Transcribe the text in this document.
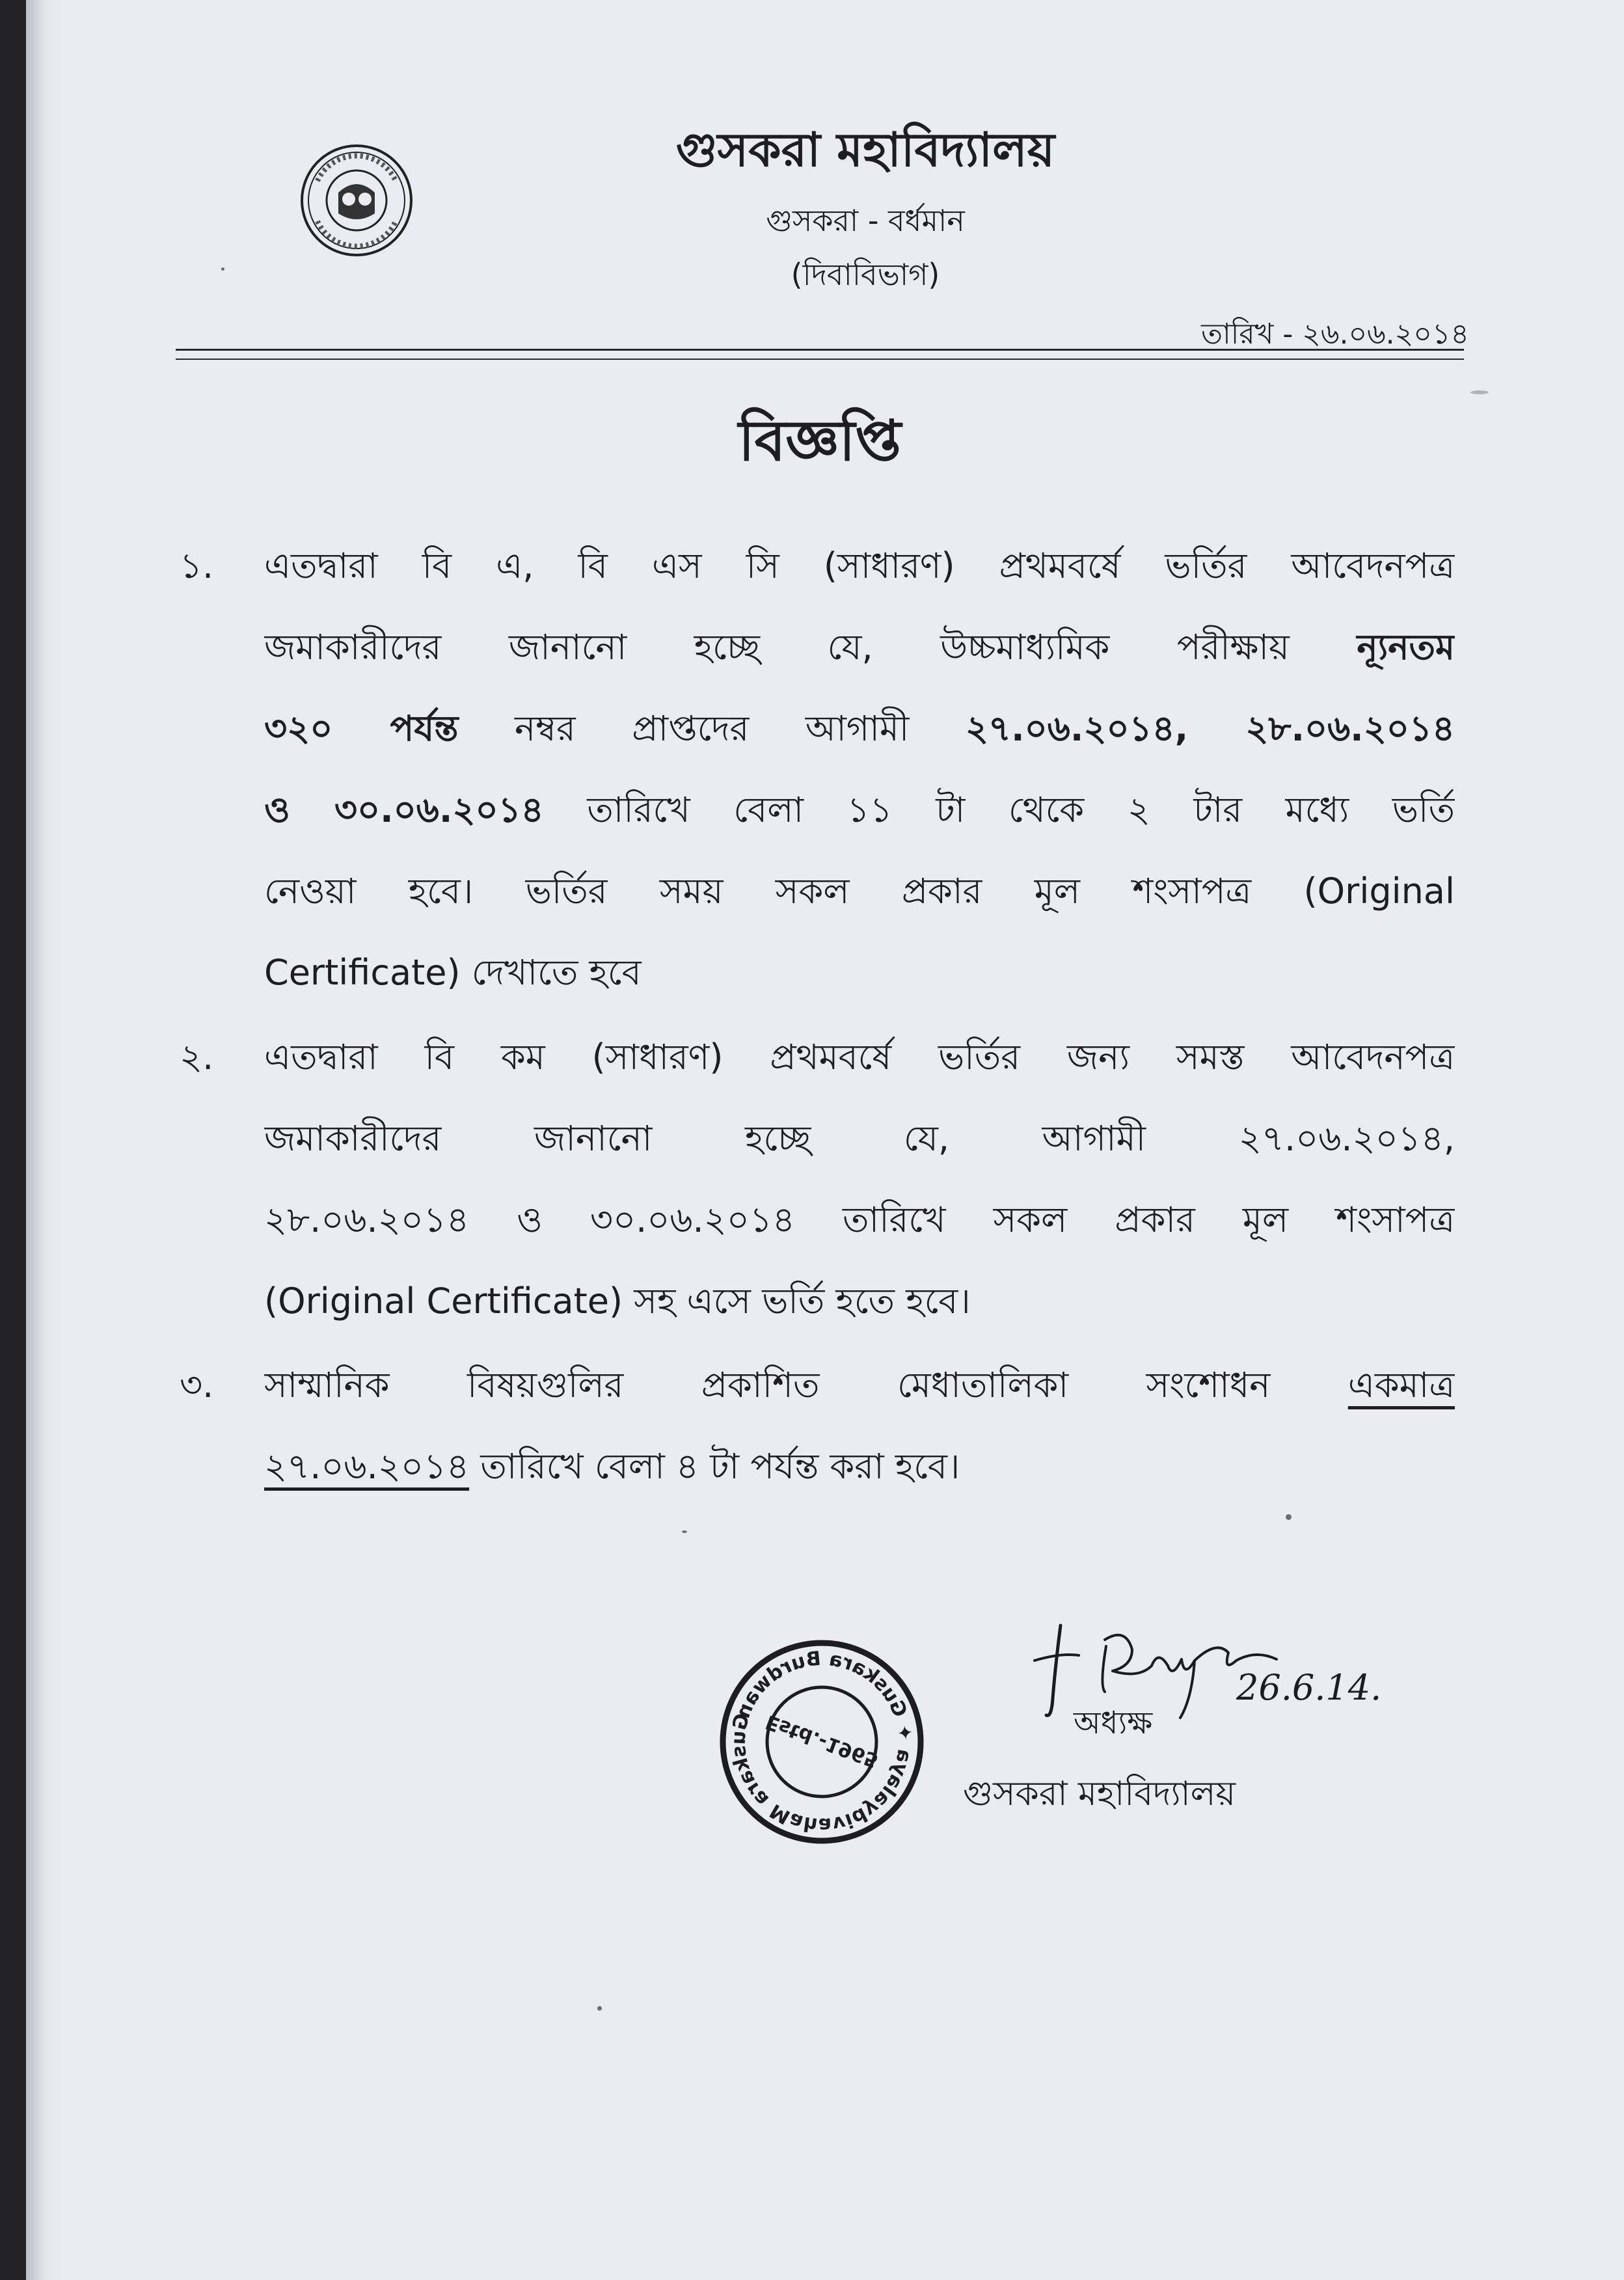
গুসকরা মহাবিদ্যালয়
গুসকরা - বর্ধমান
(দিবাবিভাগ)
তারিখ - ২৬.০৬.২০১৪
বিজ্ঞপ্তি
১. এতদ্বারা বি এ, বি এস সি (সাধারণ) প্রথমবর্ষে ভর্তির আবেদনপত্র
জমাকারীদের জানানো হচ্ছে যে, উচ্চমাধ্যমিক পরীক্ষায় ন্যূনতম
৩২০ পর্যন্ত নম্বর প্রাপ্তদের আগামী ২৭.০৬.২০১৪, ২৮.০৬.২০১৪
ও ৩০.০৬.২০১৪ তারিখে বেলা ১১ টা থেকে ২ টার মধ্যে ভর্তি
নেওয়া হবে। ভর্তির সময় সকল প্রকার মূল শংসাপত্র (Original
Certificate) দেখাতে হবে
২. এতদ্বারা বি কম (সাধারণ) প্রথমবর্ষে ভর্তির জন্য সমস্ত আবেদনপত্র
জমাকারীদের জানানো হচ্ছে যে, আগামী ২৭.০৬.২০১৪,
২৮.০৬.২০১৪ ও ৩০.০৬.২০১৪ তারিখে সকল প্রকার মূল শংসাপত্র
(Original Certificate) সহ এসে ভর্তি হতে হবে।
৩. সাম্মানিক বিষয়গুলির প্রকাশিত মেধাতালিকা সংশোধন একমাত্র
২৭.০৬.২০১৪ তারিখে বেলা ৪ টা পর্যন্ত করা হবে।
Guskara Mahavidyalaya ✦ Guskara Burdwan Estd.-1965
26.6.14.
অধ্যক্ষ
গুসকরা মহাবিদ্যালয়
